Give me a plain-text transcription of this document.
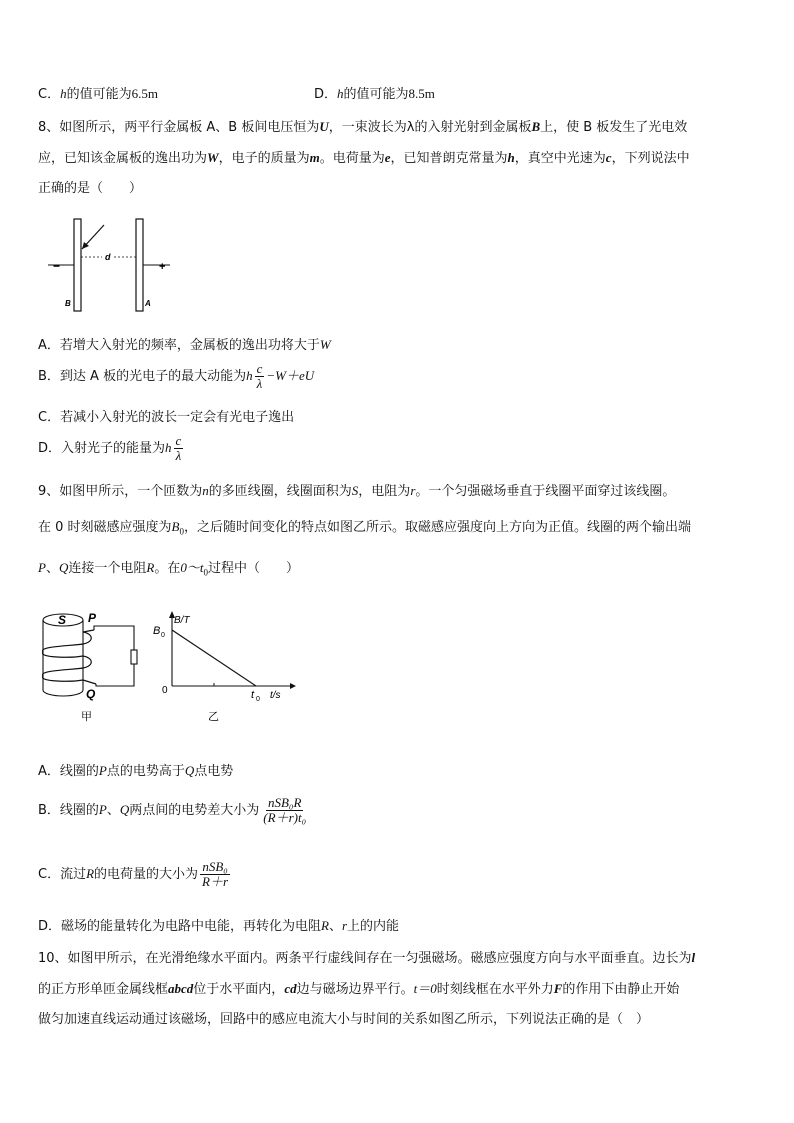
C．h的值可能为6.5m	D．h的值可能为8.5m
8、如图所示，两平行金属板 A、B 板间电压恒为U，一束波长为λ的入射光射到金属板B上，使 B 板发生了光电效
应，已知该金属板的逸出功为W，电子的质量为m。电荷量为e，已知普朗克常量为h，真空中光速为c，下列说法中
正确的是（　　）
d
−	+
B	A
A．若增大入射光的频率，金属板的逸出功将大于W
B．到达 A 板的光电子的最大动能为h $\frac{c}{\lambda} -W+eU$
C．若减小入射光的波长一定会有光电子逸出
D．入射光子的能量为h $\frac{c}{\lambda}$
9、如图甲所示，一个匝数为n的多匝线圈，线圈面积为S，电阻为r。一个匀强磁场垂直于线圈平面穿过该线圈。
在 0 时刻磁感应强度为$B_0$，之后随时间变化的特点如图乙所示。取磁感应强度向上方向为正值。线圈的两个输出端
P、Q连接一个电阻R。在$0\sim t_0$过程中（　　）
S P
Q
甲
B/T
B 0
0	t 0 t/s
乙
A．线圈的P点的电势高于Q点电势
B．线圈的P、Q两点间的电势差大小为 $\frac{\text{nSB₀R}}{\text{(R＋r)t₀}}$
C．流过R的电荷量的大小为 $\frac{\text{nSB₀}}{R+r}$
D．磁场的能量转化为电路中电能，再转化为电阻R、r上的内能
10、如图甲所示，在光滑绝缘水平面内。两条平行虚线间存在一匀强磁场。磁感应强度方向与水平面垂直。边长为l
的正方形单匝金属线框abcd位于水平面内，cd边与磁场边界平行。t＝0时刻线框在水平外力F的作用下由静止开始
做匀加速直线运动通过该磁场，回路中的感应电流大小与时间的关系如图乙所示，下列说法正确的是（　）
